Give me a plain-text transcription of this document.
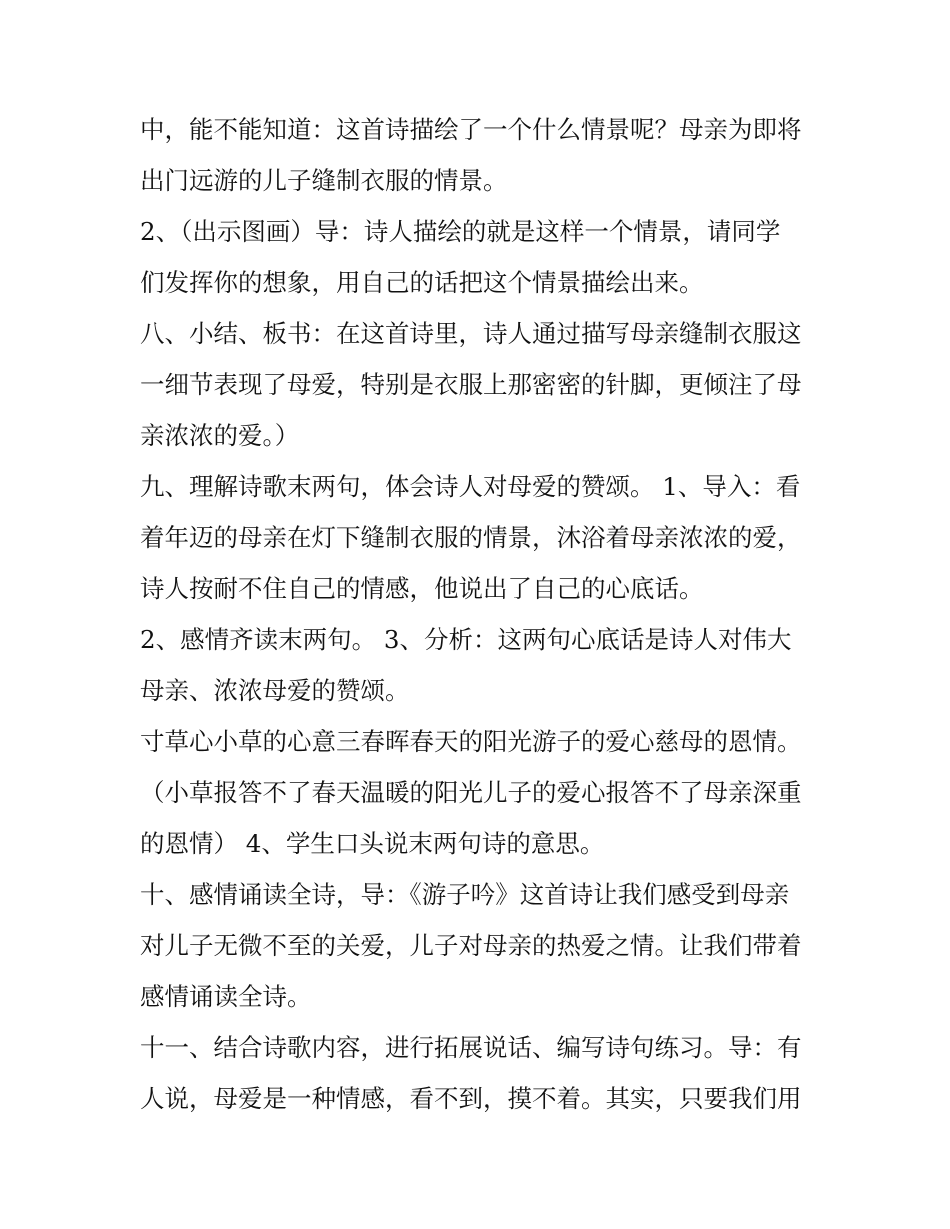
中，能不能知道：这首诗描绘了一个什么情景呢？母亲为即将
出门远游的儿子缝制衣服的情景。
2、（出示图画）导：诗人描绘的就是这样一个情景，请同学
们发挥你的想象，用自己的话把这个情景描绘出来。
八、小结、板书：在这首诗里，诗人通过描写母亲缝制衣服这
一细节表现了母爱，特别是衣服上那密密的针脚，更倾注了母
亲浓浓的爱。）
九、理解诗歌末两句，体会诗人对母爱的赞颂。 1、导入：看
着年迈的母亲在灯下缝制衣服的情景，沐浴着母亲浓浓的爱，
诗人按耐不住自己的情感，他说出了自己的心底话。
2、感情齐读末两句。 3、分析：这两句心底话是诗人对伟大
母亲、浓浓母爱的赞颂。
寸草心小草的心意三春晖春天的阳光游子的爱心慈母的恩情。
（小草报答不了春天温暖的阳光儿子的爱心报答不了母亲深重
的恩情） 4、学生口头说末两句诗的意思。
十、感情诵读全诗，导：《游子吟》这首诗让我们感受到母亲
对儿子无微不至的关爱，儿子对母亲的热爱之情。让我们带着
感情诵读全诗。
十一、结合诗歌内容，进行拓展说话、编写诗句练习。导：有
人说，母爱是一种情感，看不到，摸不着。其实，只要我们用
